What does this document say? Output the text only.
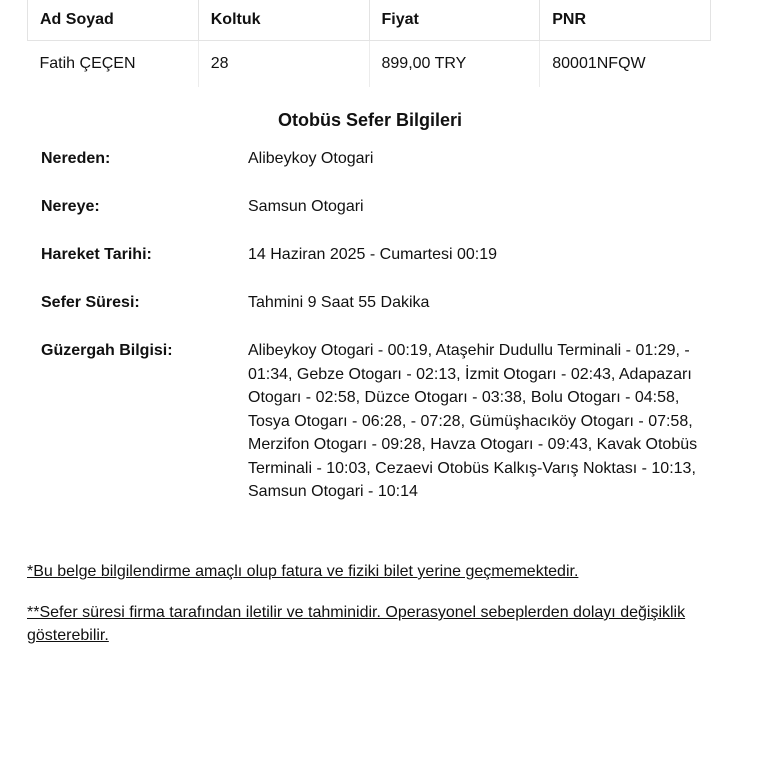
Ad Soyad	Koltuk	Fiyat	PNR
Fatih ÇEÇEN	28	899,00 TRY	80001NFQW
Otobüs Sefer Bilgileri
Nereden:	Alibeykoy Otogari
Nereye:	Samsun Otogari
Hareket Tarihi:	14 Haziran 2025 - Cumartesi 00:19
Sefer Süresi:	Tahmini 9 Saat 55 Dakika
Güzergah Bilgisi:	Alibeykoy Otogari - 00:19, Ataşehir Dudullu Terminali - 01:29, - 01:34, Gebze Otogarı - 02:13, İzmit Otogarı - 02:43, Adapazarı Otogarı - 02:58, Düzce Otogarı - 03:38, Bolu Otogarı - 04:58, Tosya Otogarı - 06:28, - 07:28, Gümüşhacıköy Otogarı - 07:58, Merzifon Otogarı - 09:28, Havza Otogarı - 09:43, Kavak Otobüs Terminali - 10:03, Cezaevi Otobüs Kalkış-Varış Noktası - 10:13, Samsun Otogari - 10:14

*Bu belge bilgilendirme amaçlı olup fatura ve fiziki bilet yerine geçmemektedir.

**Sefer süresi firma tarafından iletilir ve tahminidir. Operasyonel sebeplerden dolayı değişiklik gösterebilir.
